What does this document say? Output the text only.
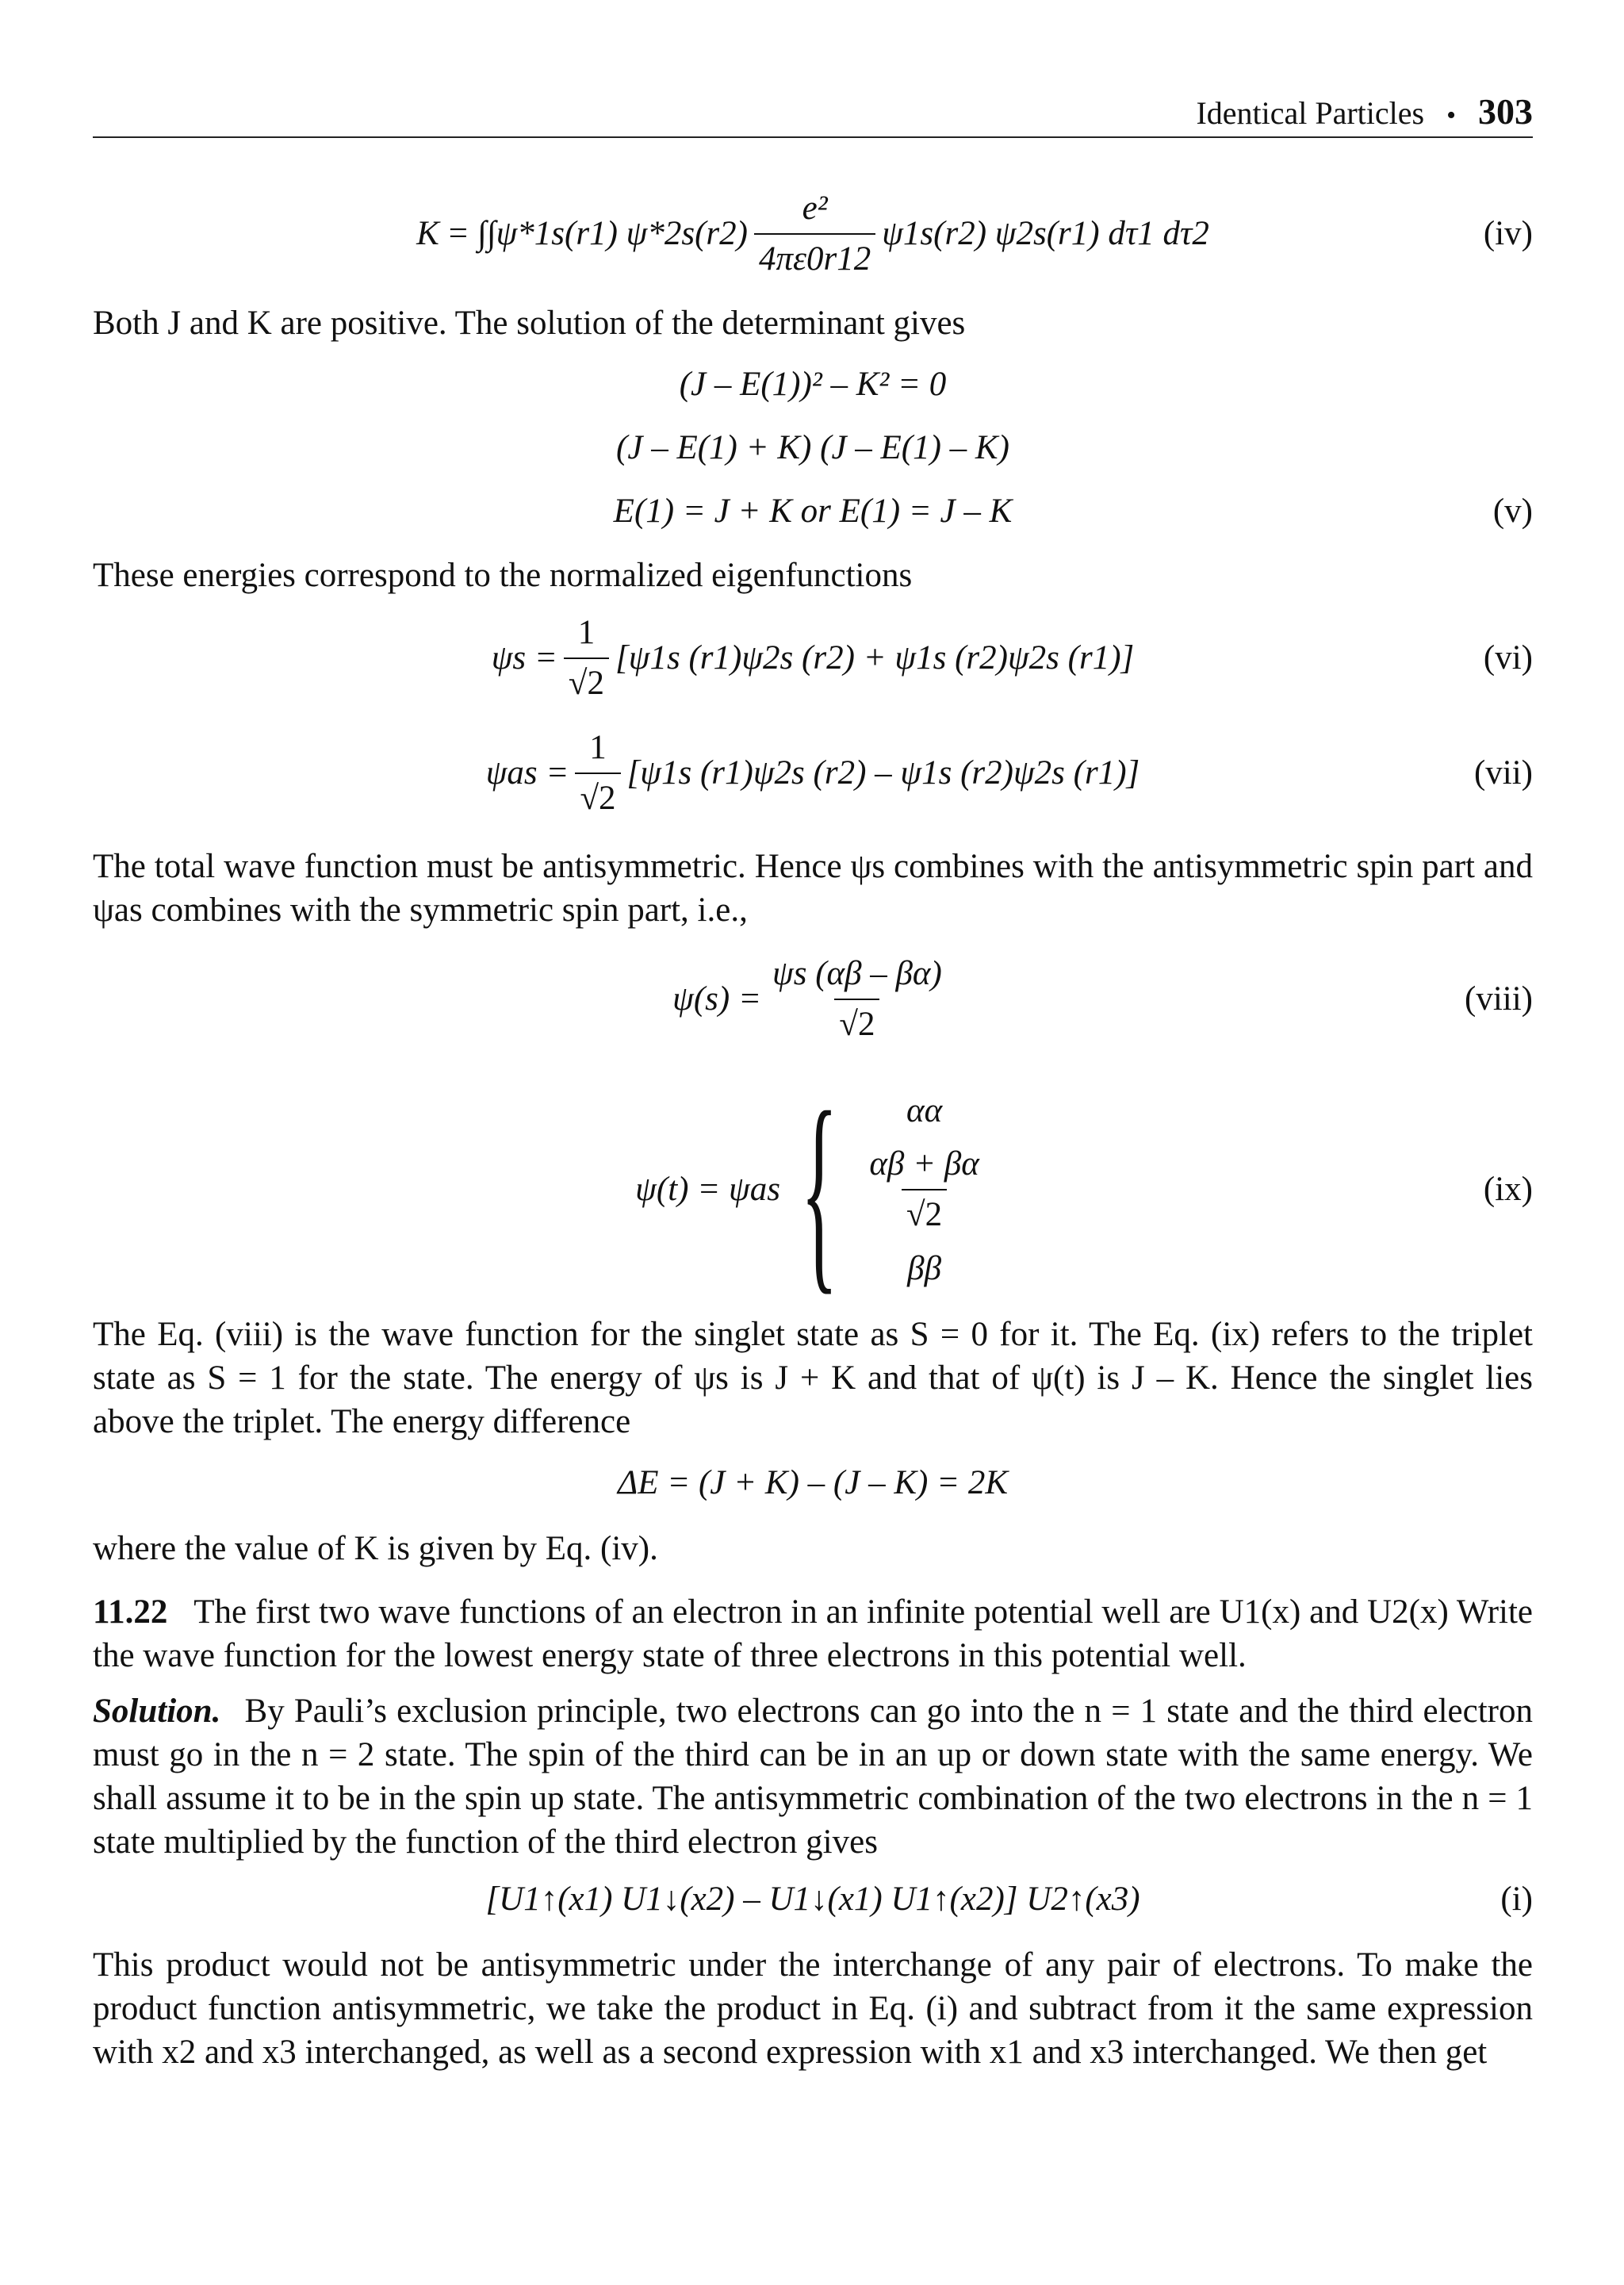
Identical Particles • 303
K = ∫∫ψ*1s(r1) $\psi*2s(r2) \frac{\text{e²}}{4\pi\varepsilon 0r12} \psi 1s(r2)$ ψ2s(r1) dτ1 dτ2	(iv)

Both J and K are positive. The solution of the determinant gives

(J – E(1))² – K² = 0
(J – E(1) + K) (J – E(1) – K)
E(1) = J + K or E(1) = J – K	(v)

These energies correspond to the normalized eigenfunctions

$\psi s = \frac{1}{√2} [\psi 1s$ (r1)ψ2s (r2) + ψ1s (r2)ψ2s (r1)]	(vi)
$\psi as = \frac{1}{√2} [\psi 1s$ (r1)ψ2s (r2) – ψ1s (r2)ψ2s (r1)]	(vii)

The total wave function must be antisymmetric. Hence ψs combines with the antisymmetric spin part and ψas combines with the symmetric spin part, i.e.,

$\psi(s) = \frac{\psi s (\alpha\beta - \beta\alpha)}{√2}$	(viii)
ψ(t) = ψas { αα
$\frac{\alpha\beta + \beta\alpha}{√2}$
ββ
(ix)

The Eq. (viii) is the wave function for the singlet state as S = 0 for it. The Eq. (ix) refers to the triplet state as S = 1 for the state. The energy of ψs is J + K and that of ψ(t) is J – K. Hence the singlet lies above the triplet. The energy difference

ΔE = (J + K) – (J – K) = 2K

where the value of K is given by Eq. (iv).

11.22 The first two wave functions of an electron in an infinite potential well are U1(x) and U2(x) Write the wave function for the lowest energy state of three electrons in this potential well.

Solution. By Pauli’s exclusion principle, two electrons can go into the n = 1 state and the third electron must go in the n = 2 state. The spin of the third can be in an up or down state with the same energy. We shall assume it to be in the spin up state. The antisymmetric combination of the two electrons in the n = 1 state multiplied by the function of the third electron gives

[U1↑(x1) U1↓(x2) – U1↓(x1) U1↑(x2)] U2↑(x3)	(i)

This product would not be antisymmetric under the interchange of any pair of electrons. To make the product function antisymmetric, we take the product in Eq. (i) and subtract from it the same expression with x2 and x3 interchanged, as well as a second expression with x1 and x3 interchanged. We then get
